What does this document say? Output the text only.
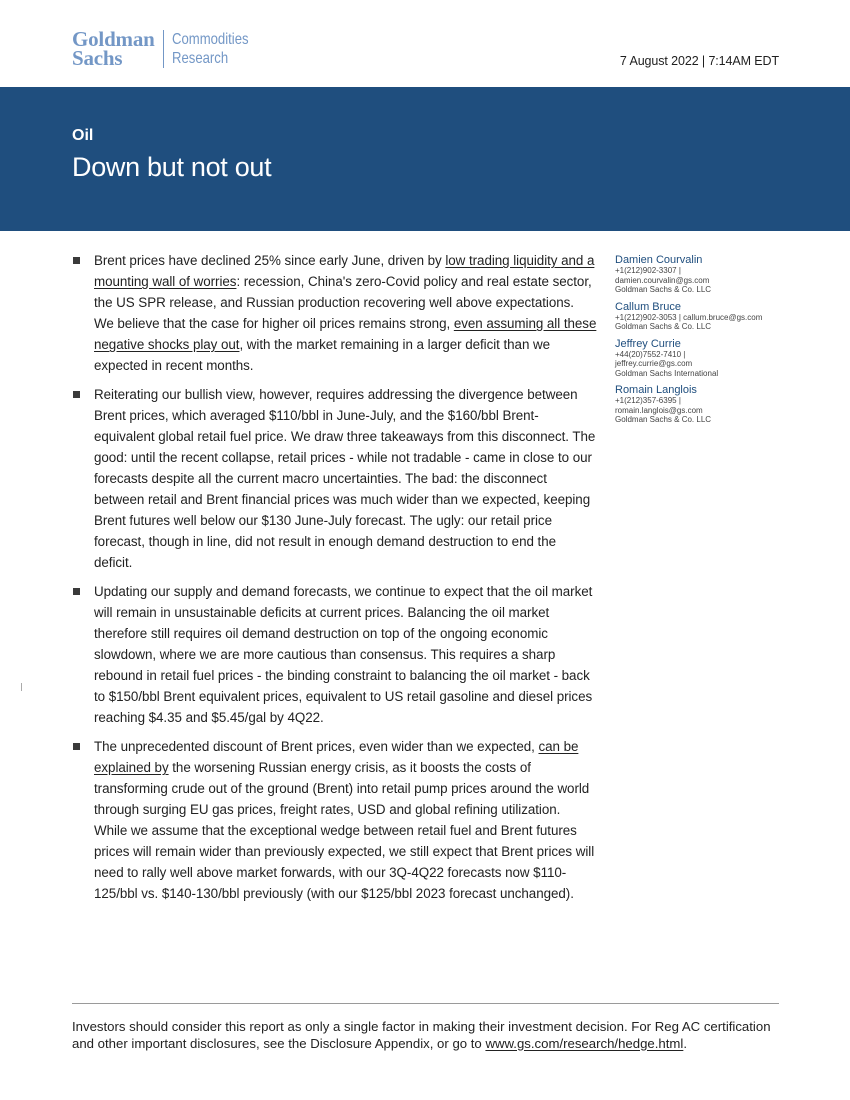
Goldman
Sachs
Commodities
Research	7 August 2022 | 7:14AM EDT
Oil
Down but not out
Brent prices have declined 25% since early June, driven by low trading liquidity and a mounting wall of worries: recession, China's zero-Covid policy and real estate sector, the US SPR release, and Russian production recovering well above expectations. We believe that the case for higher oil prices remains strong, even assuming all these negative shocks play out, with the market remaining in a larger deficit than we expected in recent months.
Reiterating our bullish view, however, requires addressing the divergence between Brent prices, which averaged $110/bbl in June-July, and the $160/bbl Brent-equivalent global retail fuel price. We draw three takeaways from this disconnect. The good: until the recent collapse, retail prices - while not tradable - came in close to our forecasts despite all the current macro uncertainties. The bad: the disconnect between retail and Brent financial prices was much wider than we expected, keeping Brent futures well below our $130 June-July forecast. The ugly: our retail price forecast, though in line, did not result in enough demand destruction to end the deficit.
Updating our supply and demand forecasts, we continue to expect that the oil market will remain in unsustainable deficits at current prices. Balancing the oil market therefore still requires oil demand destruction on top of the ongoing economic slowdown, where we are more cautious than consensus. This requires a sharp rebound in retail fuel prices - the binding constraint to balancing the oil market - back to $150/bbl Brent equivalent prices, equivalent to US retail gasoline and diesel prices reaching $4.35 and $5.45/gal by 4Q22.
The unprecedented discount of Brent prices, even wider than we expected, can be explained by the worsening Russian energy crisis, as it boosts the costs of transforming crude out of the ground (Brent) into retail pump prices around the world through surging EU gas prices, freight rates, USD and global refining utilization. While we assume that the exceptional wedge between retail fuel and Brent futures prices will remain wider than previously expected, we still expect that Brent prices will need to rally well above market forwards, with our 3Q-4Q22 forecasts now $110-125/bbl vs. $140-130/bbl previously (with our $125/bbl 2023 forecast unchanged).
Damien Courvalin
+1(212)902-3307 |
damien.courvalin@gs.com
Goldman Sachs & Co. LLC
Callum Bruce
+1(212)902-3053 | callum.bruce@gs.com
Goldman Sachs & Co. LLC
Jeffrey Currie
+44(20)7552-7410 |
jeffrey.currie@gs.com
Goldman Sachs International
Romain Langlois
+1(212)357-6395 |
romain.langlois@gs.com
Goldman Sachs & Co. LLC
Investors should consider this report as only a single factor in making their investment decision. For Reg AC certification and other important disclosures, see the Disclosure Appendix, or go to www.gs.com/research/hedge.html.
